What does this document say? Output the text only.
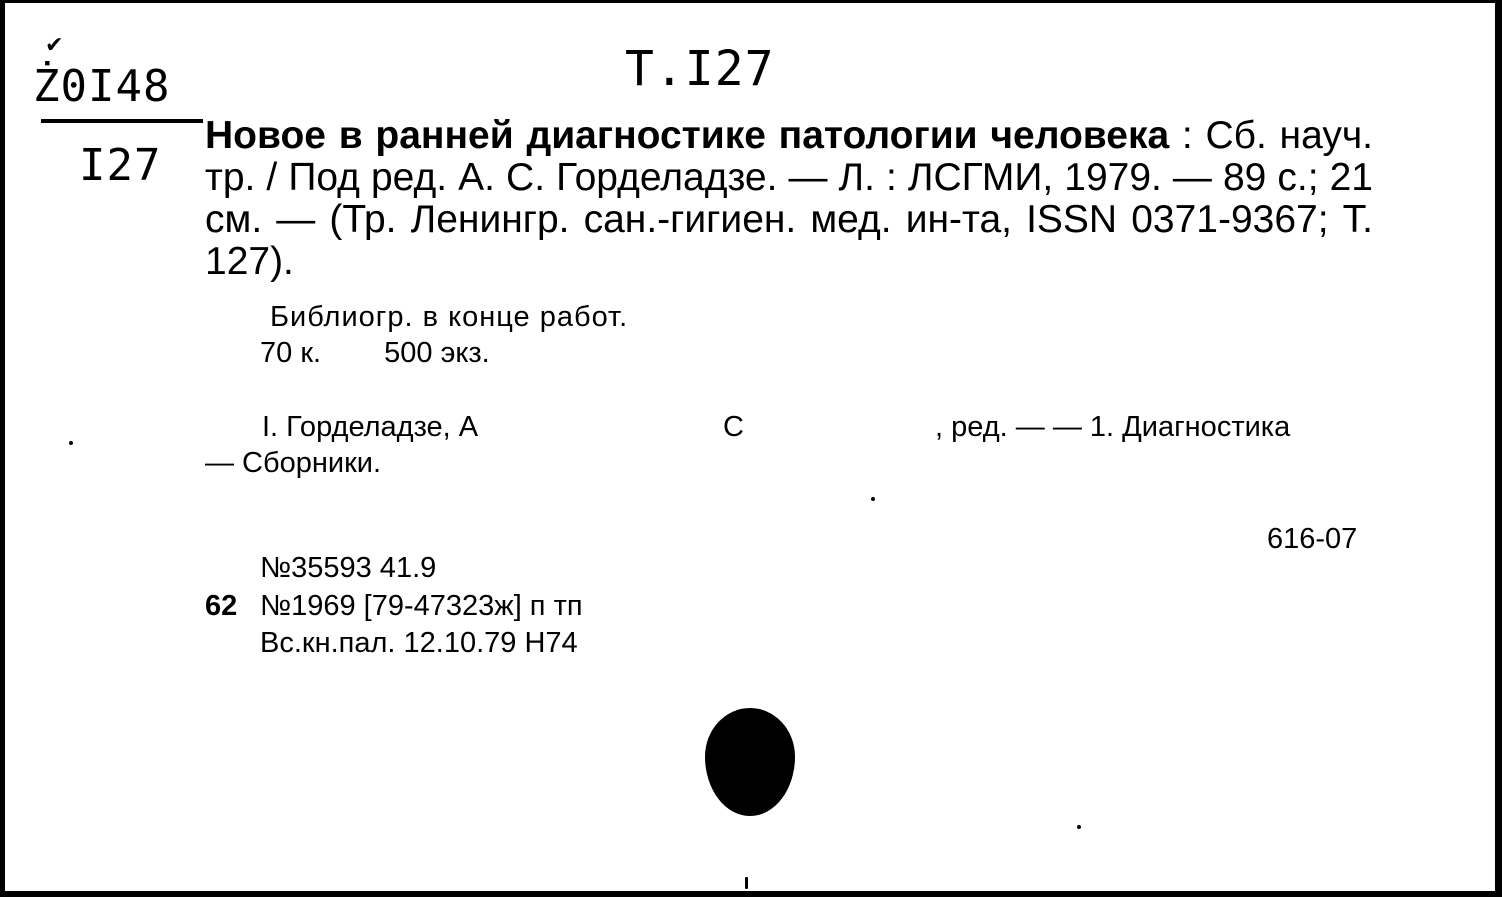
✔
Ż0I48
I27
T.I27

Новое в ранней диагностике патологии человека : Сб. науч. тр. / Под ред. А. С. Горделадзе. — Л. : ЛСГМИ, 1979. — 89 с.; 21 см. — (Тр. Ленингр. сан.-гигиен. мед. ин-та, ISSN 0371-9367; Т. 127).

Библиогр. в конце работ.
70 к. 500 экз.
I. Горделадзе, А	С	, ред. — — 1. Диагностика
— Сборники.
616-07
№35593 41.9
62 №1969 [79-47323ж] п тп
Вс.кн.пал. 12.10.79 Н74
